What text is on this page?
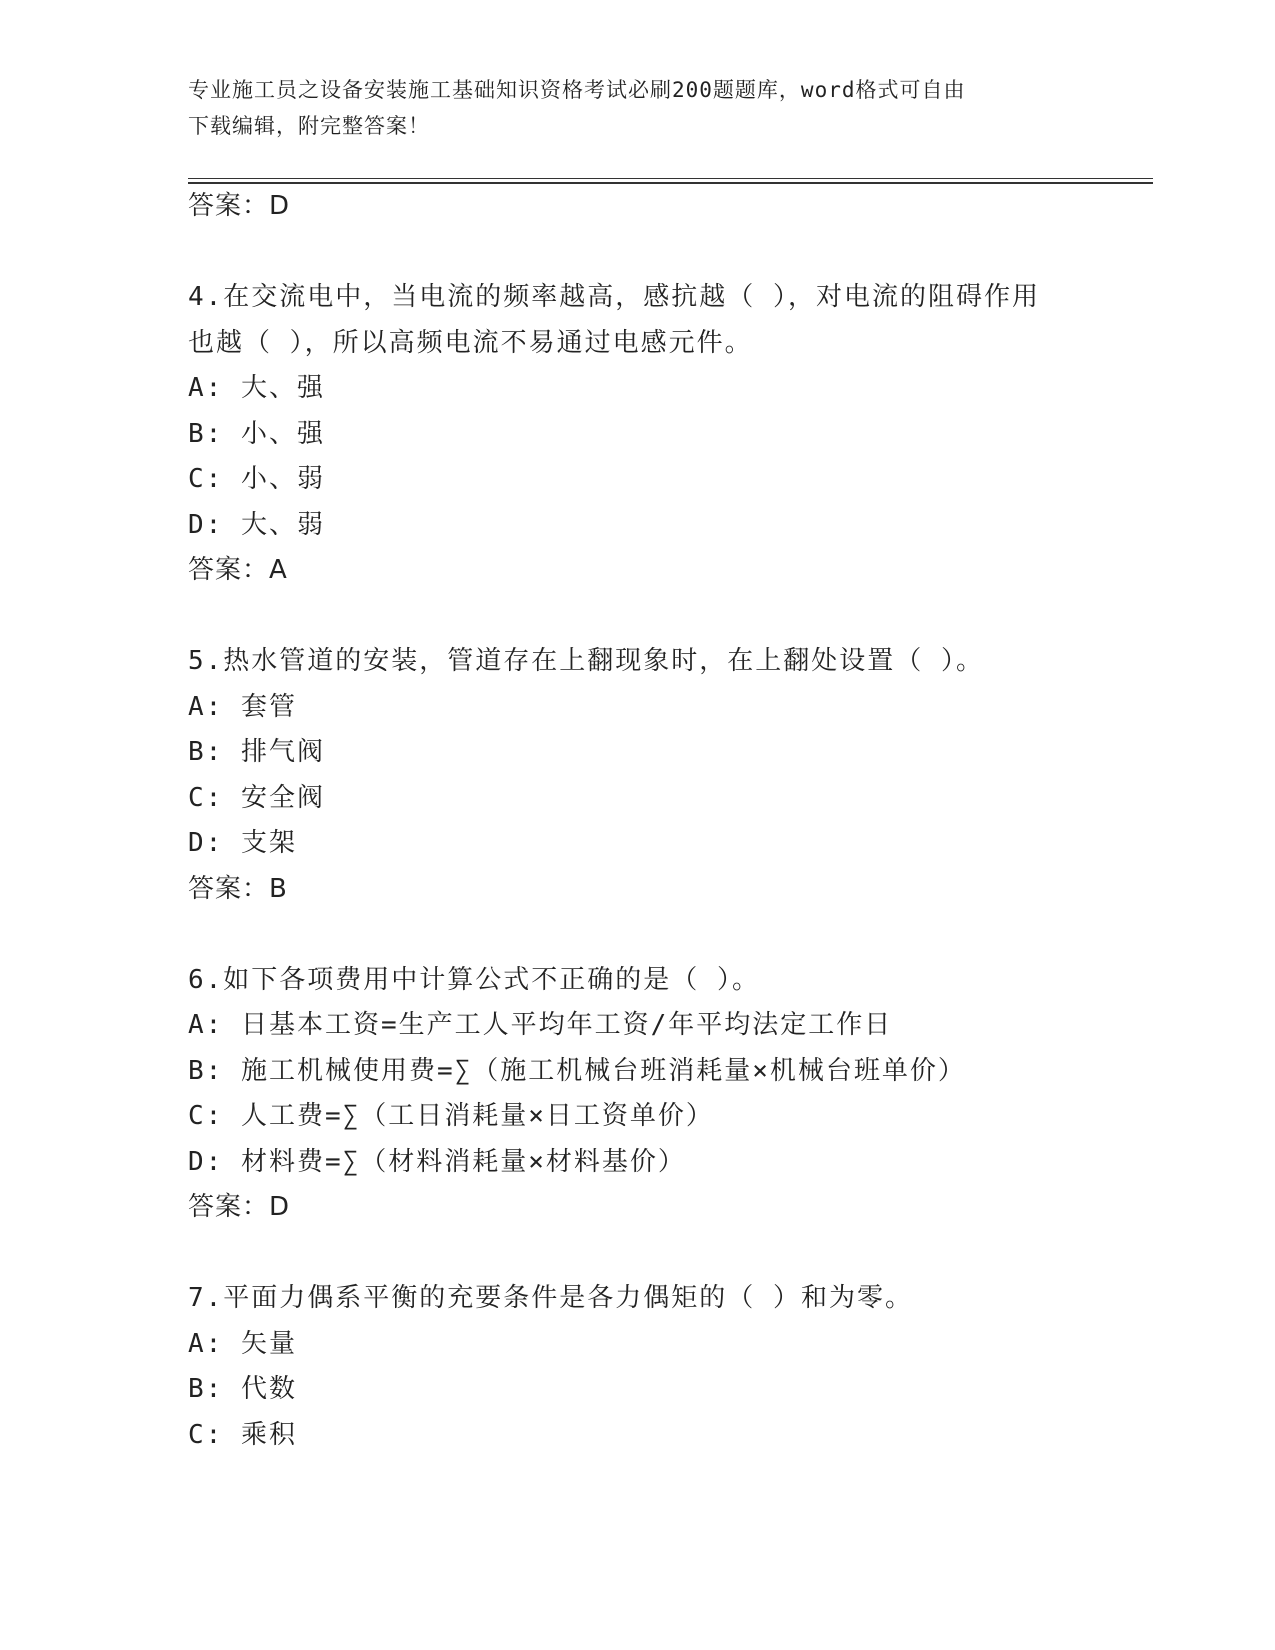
专业施工员之设备安装施工基础知识资格考试必刷200题题库，word格式可自由
下载编辑，附完整答案！
答案：D
4.在交流电中，当电流的频率越高，感抗越（ ），对电流的阻碍作用
也越（ ），所以高频电流不易通过电感元件。
A: 大、强
B: 小、强
C: 小、弱
D: 大、弱
答案：A
5.热水管道的安装，管道存在上翻现象时，在上翻处设置（ ）。
A: 套管
B: 排气阀
C: 安全阀
D: 支架
答案：B
6.如下各项费用中计算公式不正确的是（ ）。
A: 日基本工资=生产工人平均年工资/年平均法定工作日
B: 施工机械使用费=∑（施工机械台班消耗量×机械台班单价）
C: 人工费=∑（工日消耗量×日工资单价）
D: 材料费=∑（材料消耗量×材料基价）
答案：D
7.平面力偶系平衡的充要条件是各力偶矩的（ ）和为零。
A: 矢量
B: 代数
C: 乘积
